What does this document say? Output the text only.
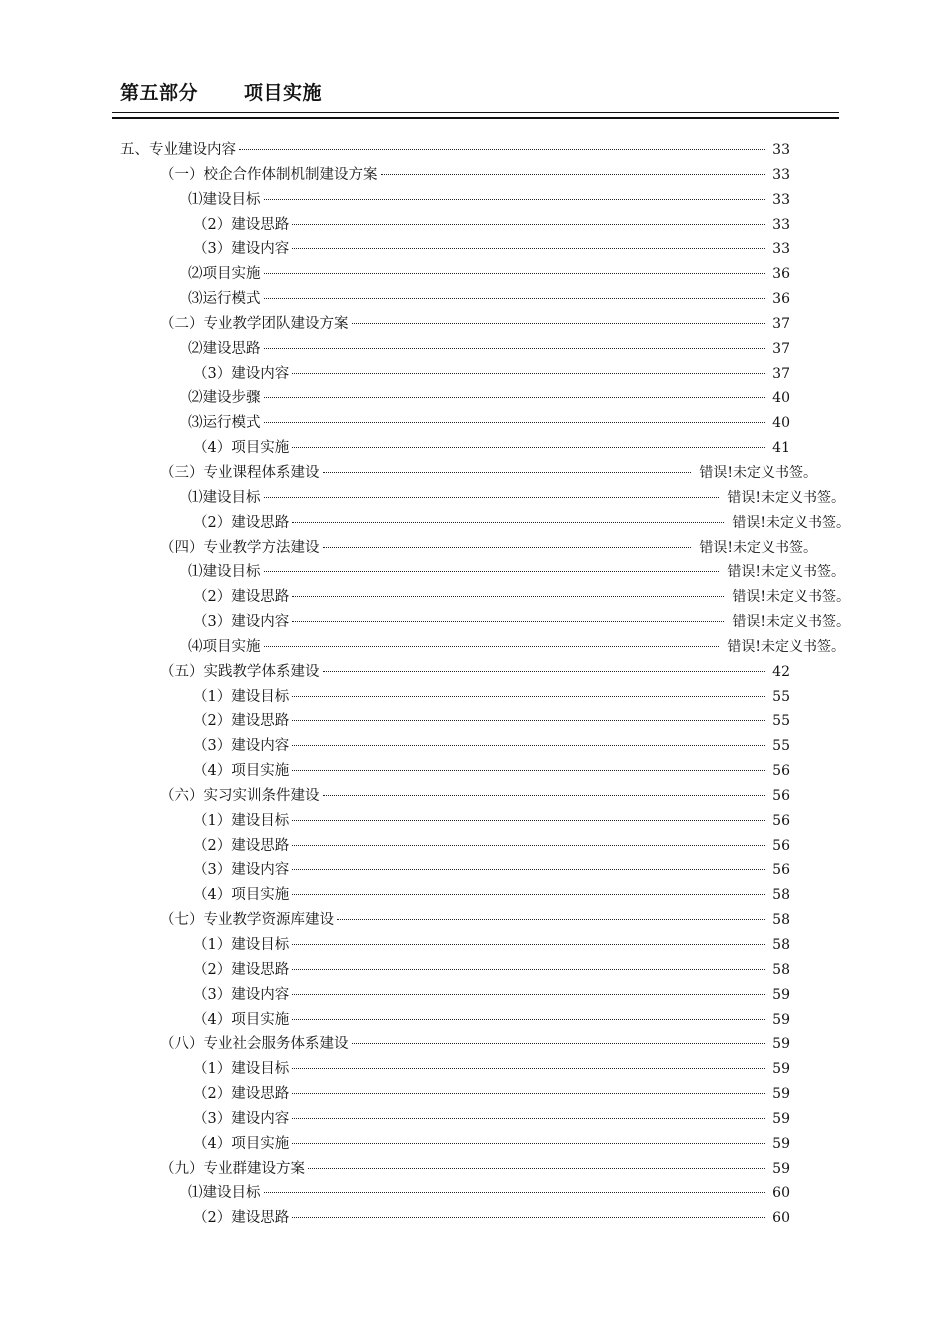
第五部分 项目实施
五、专业建设内容	33
（一）校企合作体制机制建设方案	33
⑴建设目标	33
（2）建设思路	33
（3）建设内容	33
⑵项目实施	36
⑶运行模式	36
（二）专业教学团队建设方案	37
⑵建设思路	37
（3）建设内容	37
⑵建设步骤	40
⑶运行模式	40
（4）项目实施	41
（三）专业课程体系建设	错误!未定义书签。
⑴建设目标	错误!未定义书签。
（2）建设思路	错误!未定义书签。
（四）专业教学方法建设	错误!未定义书签。
⑴建设目标	错误!未定义书签。
（2）建设思路	错误!未定义书签。
（3）建设内容	错误!未定义书签。
⑷项目实施	错误!未定义书签。
（五）实践教学体系建设	42
（1）建设目标	55
（2）建设思路	55
（3）建设内容	55
（4）项目实施	56
（六）实习实训条件建设	56
（1）建设目标	56
（2）建设思路	56
（3）建设内容	56
（4）项目实施	58
（七）专业教学资源库建设	58
（1）建设目标	58
（2）建设思路	58
（3）建设内容	59
（4）项目实施	59
（八）专业社会服务体系建设	59
（1）建设目标	59
（2）建设思路	59
（3）建设内容	59
（4）项目实施	59
（九）专业群建设方案	59
⑴建设目标	60
（2）建设思路	60
